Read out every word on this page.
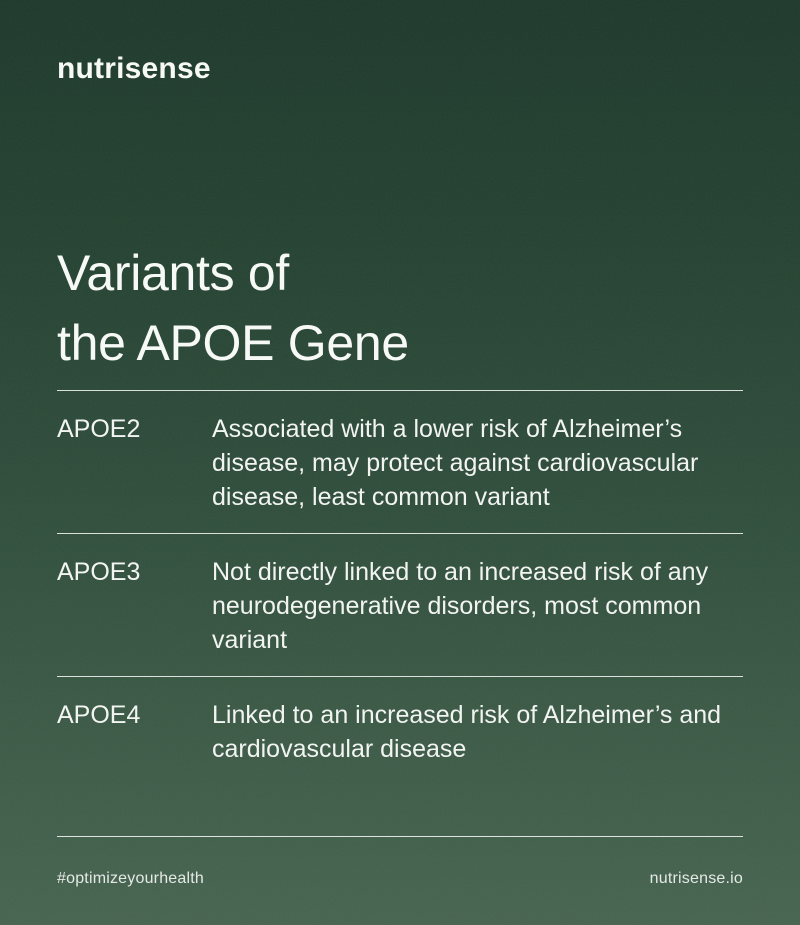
nutrisense
Variants of
the APOE Gene
APOE2	Associated with a lower risk of Alzheimer’s disease, may protect against cardiovascular disease, least common variant
APOE3	Not directly linked to an increased risk of any neurodegenerative disorders, most common variant
APOE4	Linked to an increased risk of Alzheimer’s and cardiovascular disease
#optimizeyourhealth	nutrisense.io
